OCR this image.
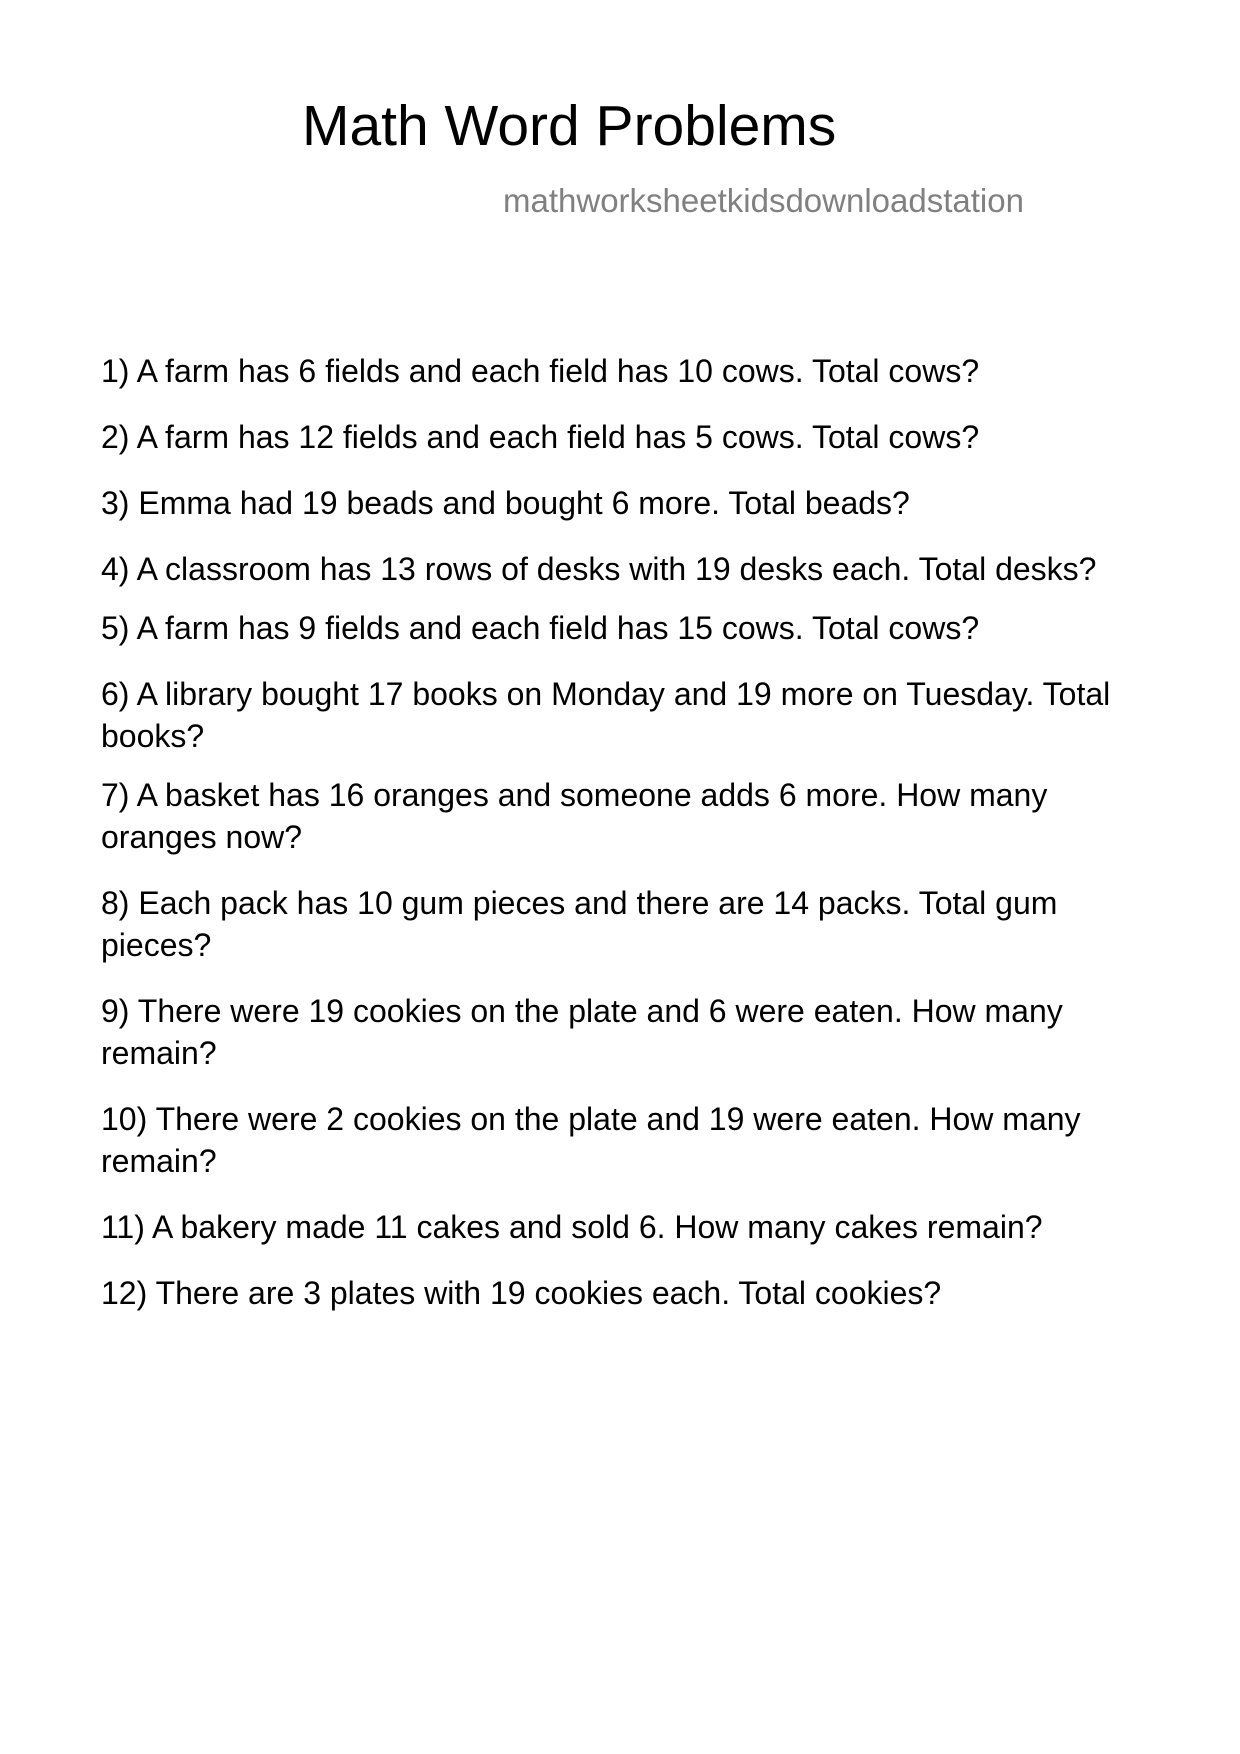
Math Word Problems
mathworksheetkidsdownloadstation
1) A farm has 6 fields and each field has 10 cows. Total cows?
2) A farm has 12 fields and each field has 5 cows. Total cows?
3) Emma had 19 beads and bought 6 more. Total beads?
4) A classroom has 13 rows of desks with 19 desks each. Total desks?
5) A farm has 9 fields and each field has 15 cows. Total cows?
6) A library bought 17 books on Monday and 19 more on Tuesday. Total books?
7) A basket has 16 oranges and someone adds 6 more. How many oranges now?
8) Each pack has 10 gum pieces and there are 14 packs. Total gum pieces?
9) There were 19 cookies on the plate and 6 were eaten. How many remain?
10) There were 2 cookies on the plate and 19 were eaten. How many remain?
11) A bakery made 11 cakes and sold 6. How many cakes remain?
12) There are 3 plates with 19 cookies each. Total cookies?
